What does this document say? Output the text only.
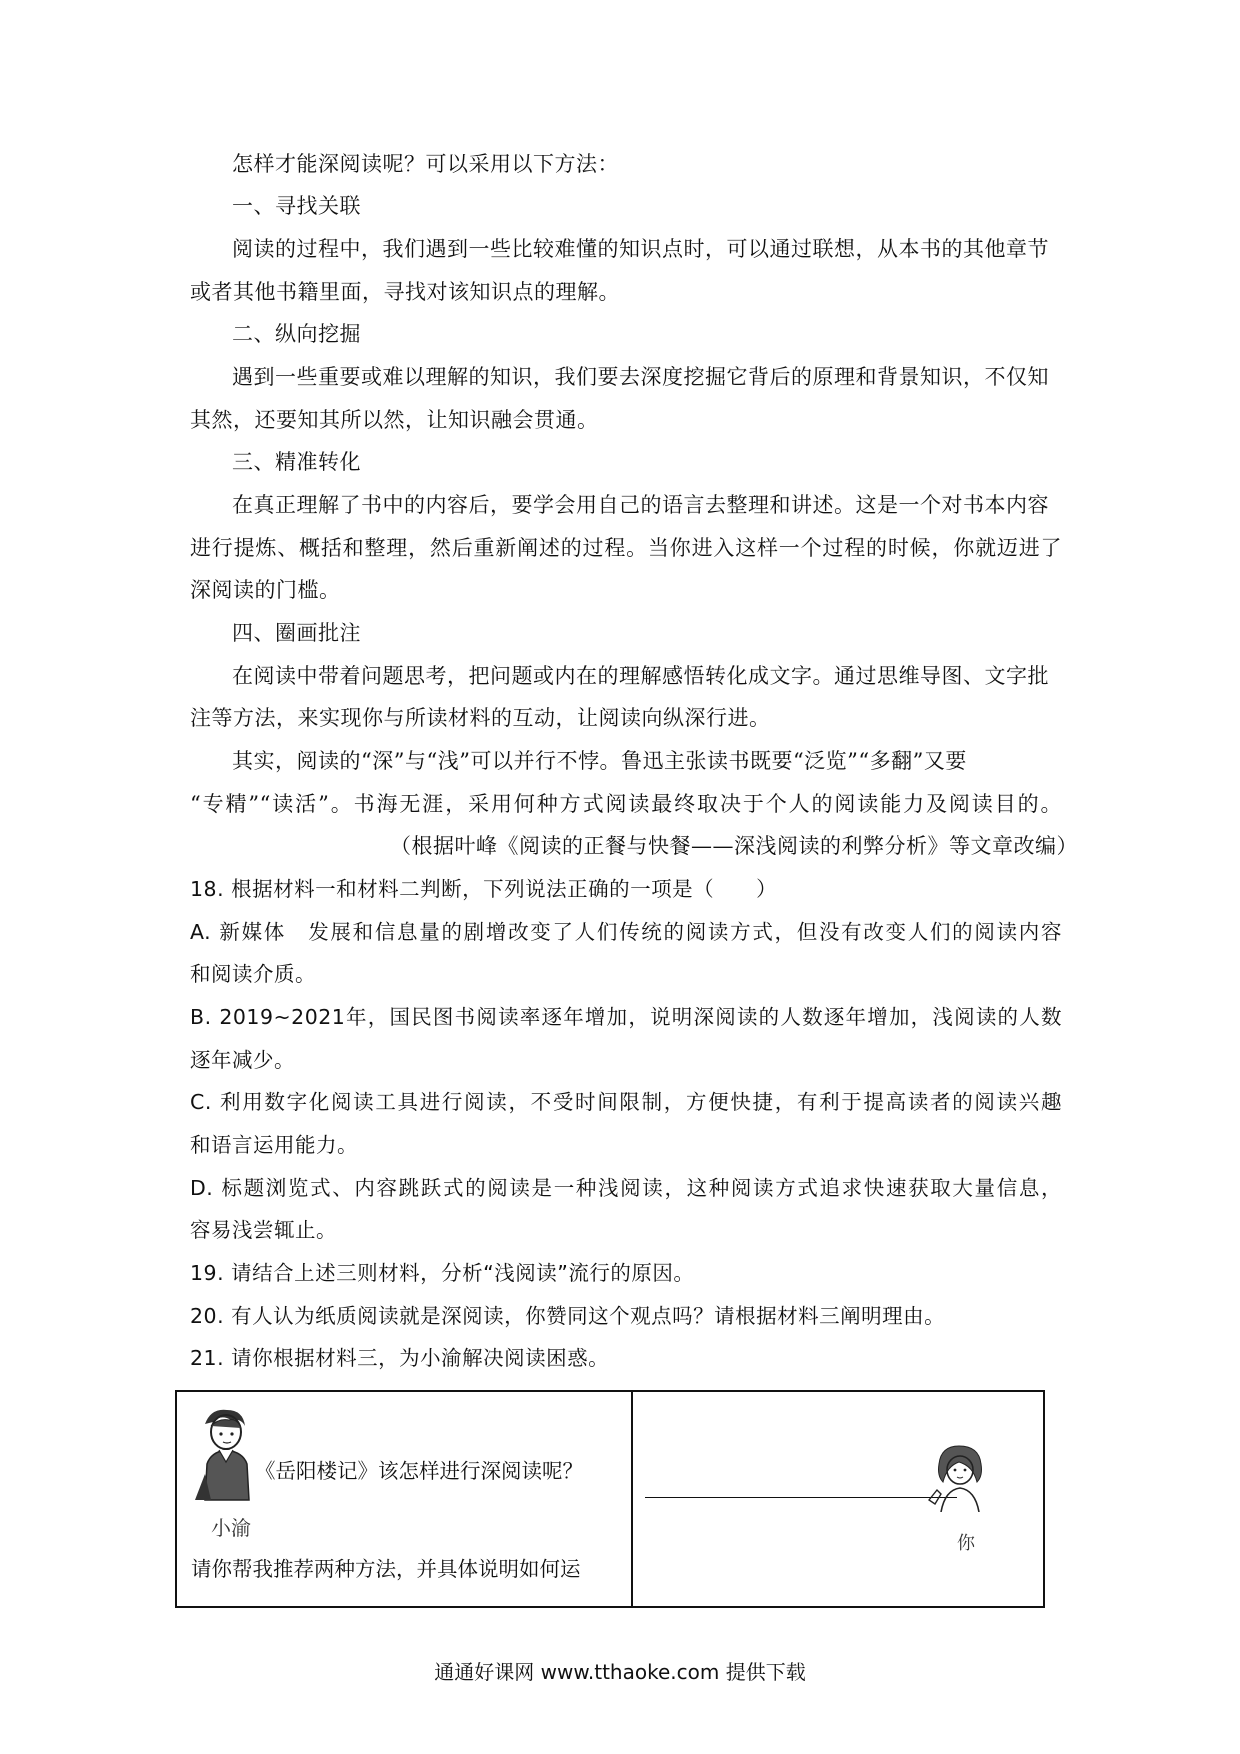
怎样才能深阅读呢？可以采用以下方法：
一、寻找关联
阅读的过程中，我们遇到一些比较难懂的知识点时，可以通过联想，从本书的其他章节
或者其他书籍里面，寻找对该知识点的理解。
二、纵向挖掘
遇到一些重要或难以理解的知识，我们要去深度挖掘它背后的原理和背景知识，不仅知
其然，还要知其所以然，让知识融会贯通。
三、精准转化
在真正理解了书中的内容后，要学会用自己的语言去整理和讲述。这是一个对书本内容
进行提炼、概括和整理，然后重新阐述的过程。当你进入这样一个过程的时候，你就迈进了
深阅读的门槛。
四、圈画批注
在阅读中带着问题思考，把问题或内在的理解感悟转化成文字。通过思维导图、文字批
注等方法，来实现你与所读材料的互动，让阅读向纵深行进。
其实，阅读的“深”与“浅”可以并行不悖。鲁迅主张读书既要“泛览”“多翻”又要
“专精”“读活”。书海无涯，采用何种方式阅读最终取决于个人的阅读能力及阅读目的。
（根据叶峰《阅读的正餐与快餐——深浅阅读的利弊分析》等文章改编）
18. 根据材料一和材料二判断，下列说法正确的一项是（　　）
A. 新媒体　发展和信息量的剧增改变了人们传统的阅读方式，但没有改变人们的阅读内容
和阅读介质。
B. 2019~2021年，国民图书阅读率逐年增加，说明深阅读的人数逐年增加，浅阅读的人数
逐年减少。
C. 利用数字化阅读工具进行阅读，不受时间限制，方便快捷，有利于提高读者的阅读兴趣
和语言运用能力。
D. 标题浏览式、内容跳跃式的阅读是一种浅阅读，这种阅读方式追求快速获取大量信息，
容易浅尝辄止。
19. 请结合上述三则材料，分析“浅阅读”流行的原因。
20. 有人认为纸质阅读就是深阅读，你赞同这个观点吗？请根据材料三阐明理由。
21. 请你根据材料三，为小渝解决阅读困惑。
《岳阳楼记》该怎样进行深阅读呢？
小渝
请你帮我推荐两种方法，并具体说明如何运
你
通通好课网 www.tthaoke.com 提供下载
